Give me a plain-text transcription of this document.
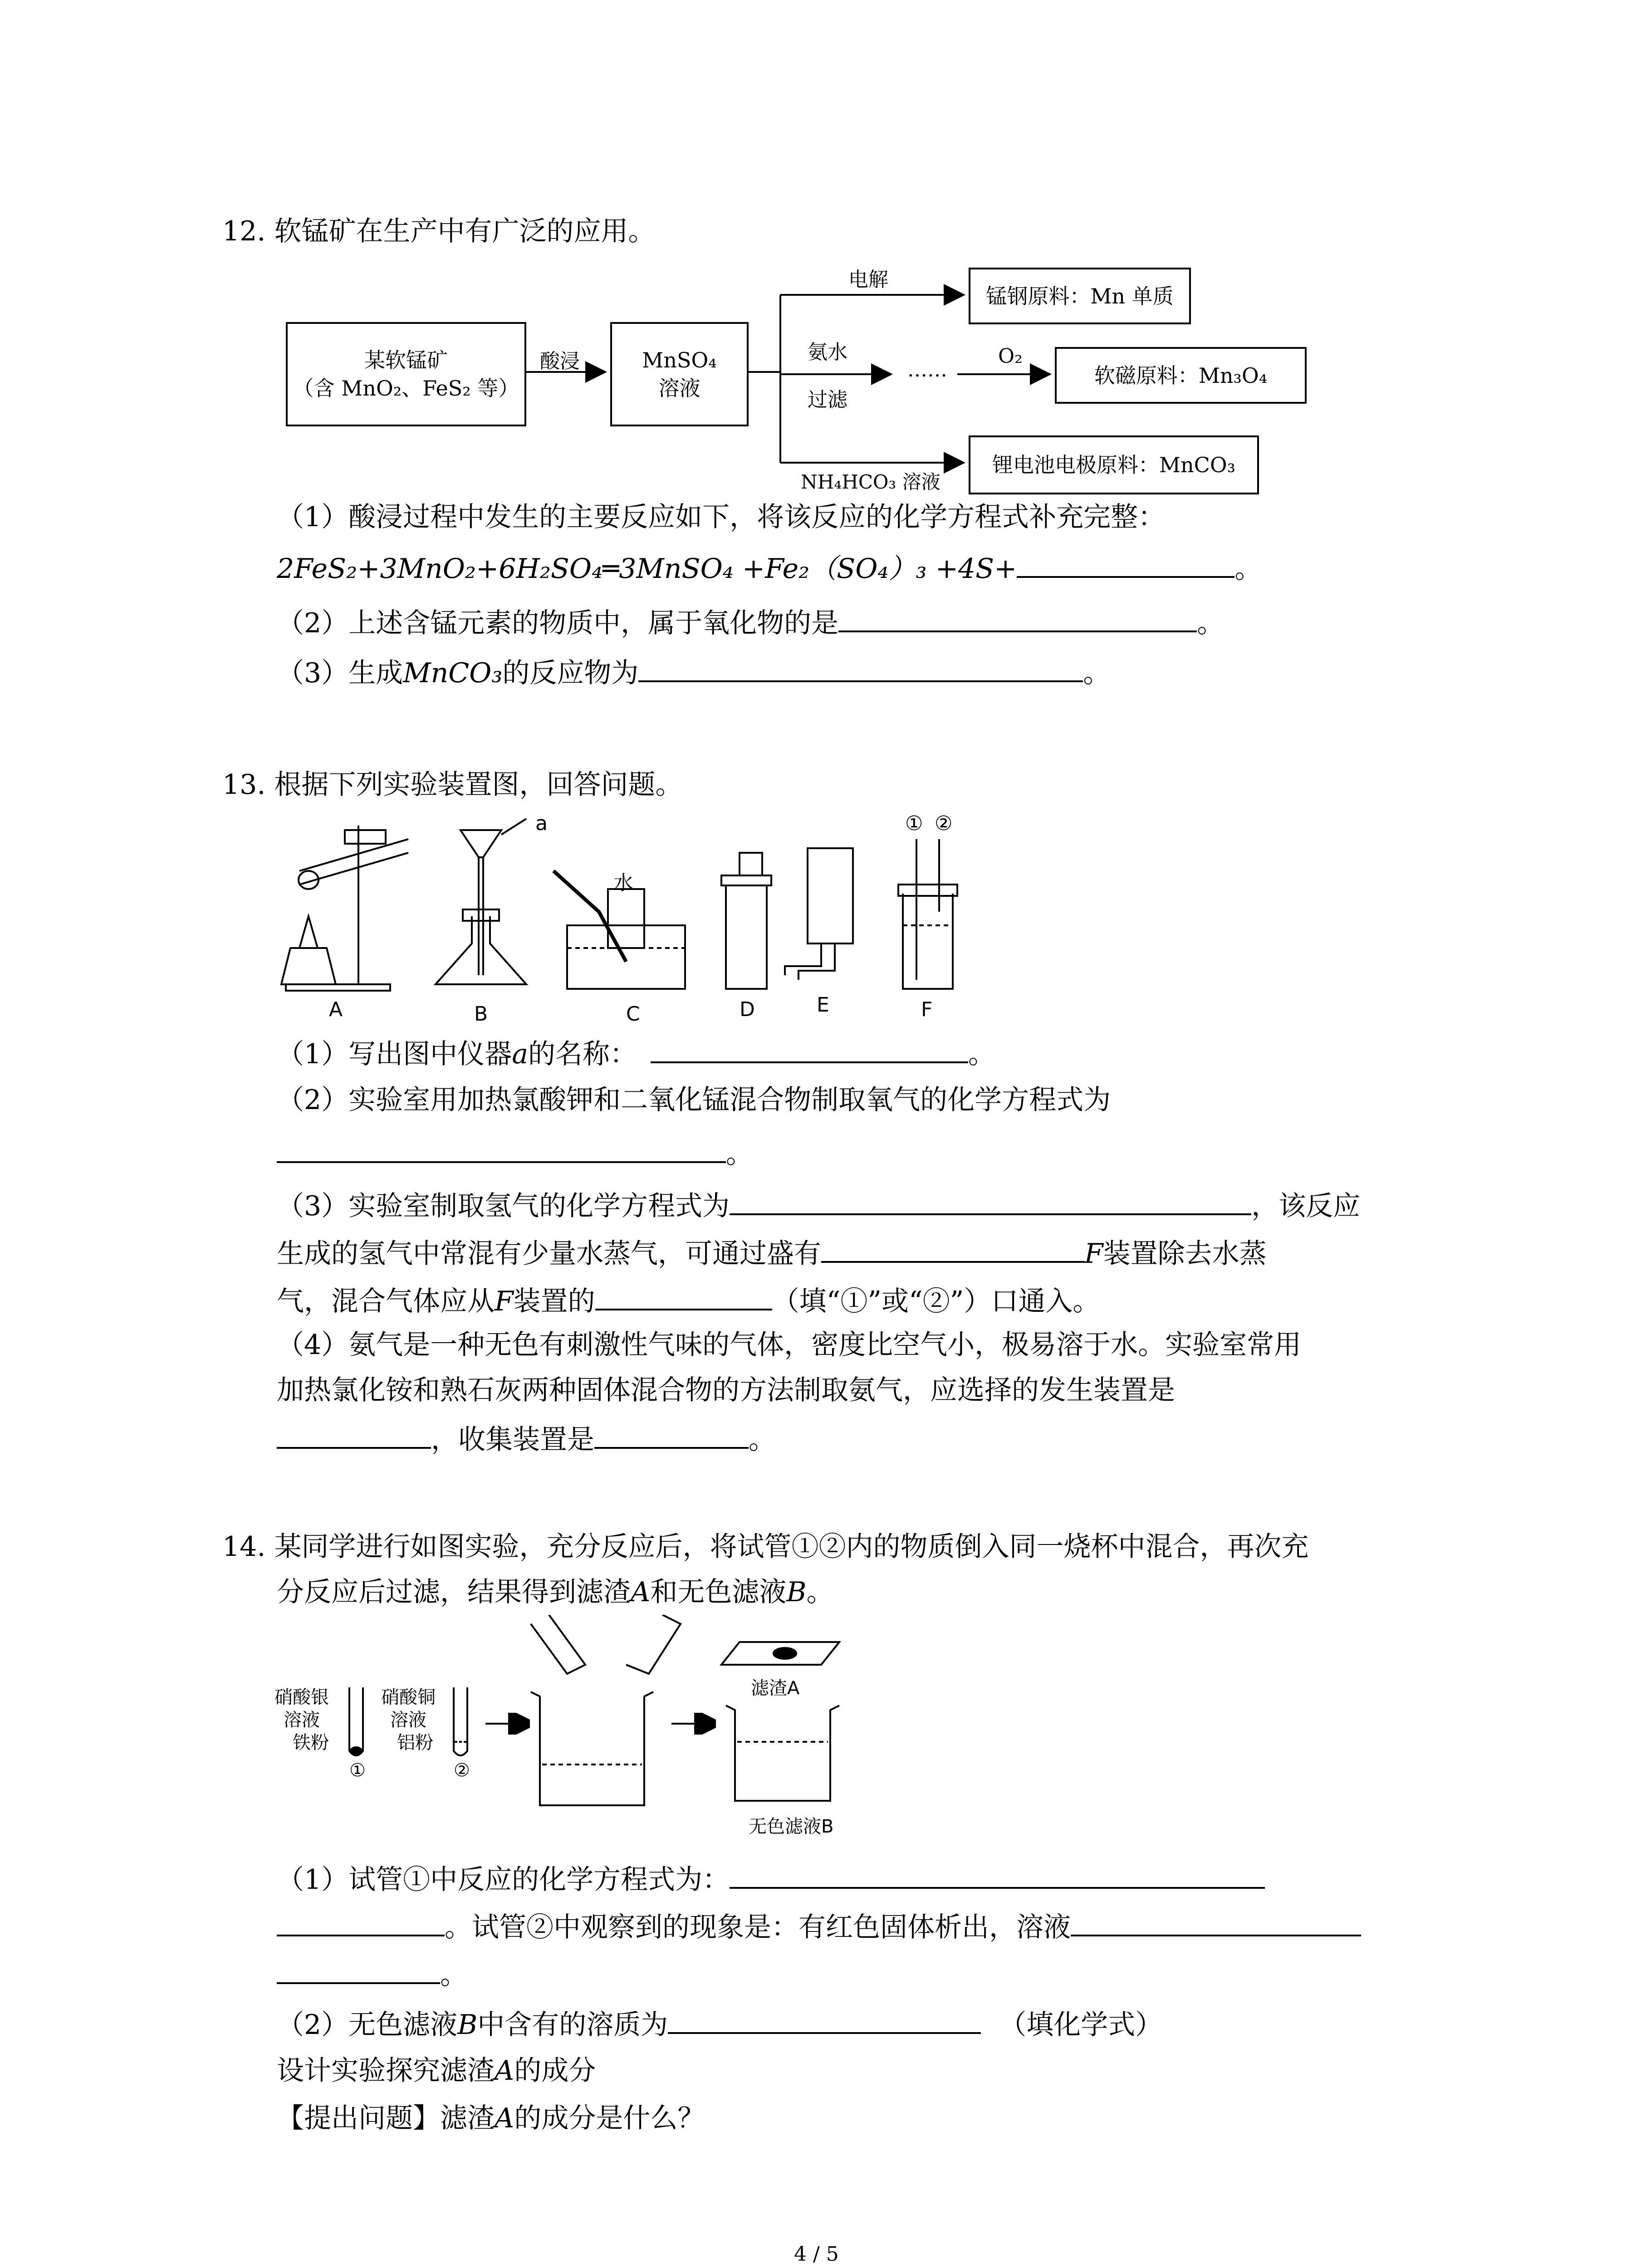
12. 软锰矿在生产中有广泛的应用。
某软锰矿
（含 MnO₂、FeS₂ 等）
酸浸	MnSO₄
溶液
电解
锰钢原料：Mn 单质
氨水
过滤
……
O₂
软磁原料：Mn₃O₄
NH₄HCO₃ 溶液
锂电池电极原料：MnCO₃
（1）酸浸过程中发生的主要反应如下，将该反应的化学方程式补充完整：
2FeS₂+3MnO₂+6H₂SO₄═3MnSO₄ +Fe₂（SO₄）₃ +4S+	。
（2）上述含锰元素的物质中，属于氧化物的是	。
（3）生成MnCO₃的反应物为	。
13. 根据下列实验装置图，回答问题。
a
水
① ②
A	B	C	D	E	F
（1）写出图中仪器a的名称：	。
（2）实验室用加热氯酸钾和二氧化锰混合物制取氧气的化学方程式为
。
（3）实验室制取氢气的化学方程式为	，该反应
生成的氢气中常混有少量水蒸气，可通过盛有	F装置除去水蒸
气，混合气体应从F装置的	（填“①”或“②”）口通入。
（4）氨气是一种无色有刺激性气味的气体，密度比空气小，极易溶于水。实验室常用
加热氯化铵和熟石灰两种固体混合物的方法制取氨气，应选择的发生装置是
，收集装置是	。
14. 某同学进行如图实验，充分反应后，将试管①②内的物质倒入同一烧杯中混合，再次充
分反应后过滤，结果得到滤渣A和无色滤液B。
硝酸银
溶液
铁粉
①
硝酸铜
溶液
铝粉
②
滤渣A
无色滤液B
（1）试管①中反应的化学方程式为：
。试管②中观察到的现象是：有红色固体析出，溶液
。
（2）无色滤液B中含有的溶质为	（填化学式）
设计实验探究滤渣A的成分
【提出问题】滤渣A的成分是什么？
4 / 5
